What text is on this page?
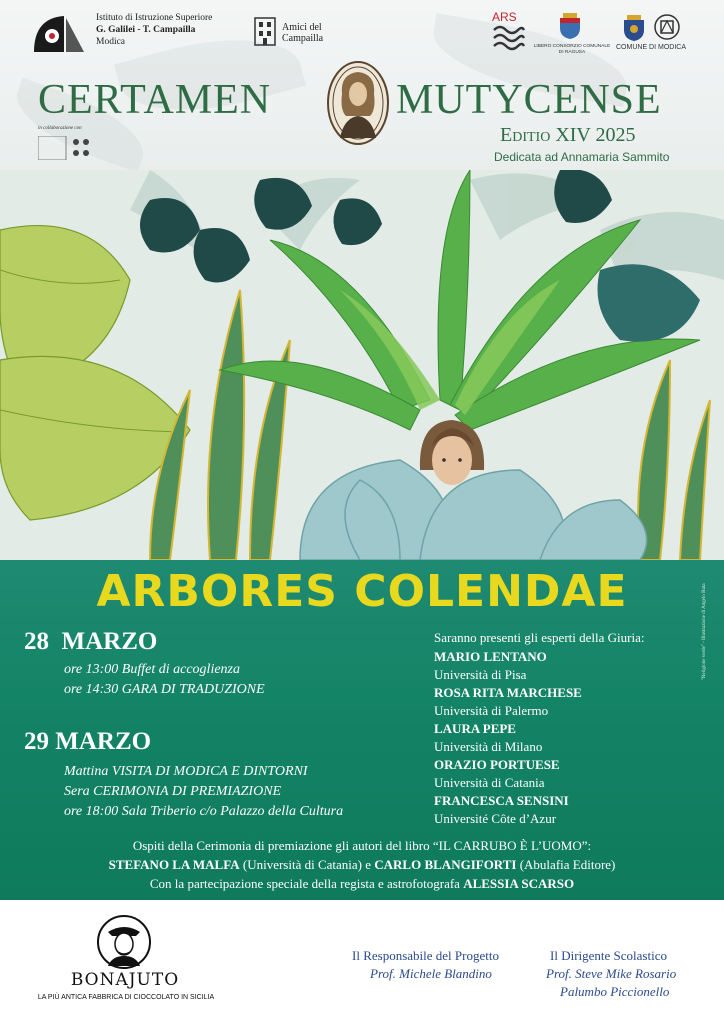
Istituto di Istruzione Superiore
G. Galilei - T. Campailla
Modica
Amici del
Campailla
ARS
LIBERO CONSORZIO COMUNALE
DI RAGUSA
COMUNE DI MODICA
CERTAMEN	MUTYCENSE
Editio XIV 2025
Dedicata ad Annamaria Sammito
in collaborazione con
ARBORES COLENDAE
28 MARZO
ore 13:00 Buffet di accoglienza
ore 14:30 GARA DI TRADUZIONE
29 MARZO
Mattina VISITA DI MODICA E DINTORNI
Sera CERIMONIA DI PREMIAZIONE
ore 18:00 Sala Triberio c/o Palazzo della Cultura
Saranno presenti gli esperti della Giuria:
MARIO LENTANO
Università di Pisa
ROSA RITA MARCHESE
Università di Palermo
LAURA PEPE
Università di Milano
ORAZIO PORTUESE
Università di Catania
FRANCESCA SENSINI
Université Côte d’Azur
"Religione verde" - Illustrazione di Angelo Ruta
Ospiti della Cerimonia di premiazione gli autori del libro “IL CARRUBO È L’UOMO”:
STEFANO LA MALFA (Università di Catania) e CARLO BLANGIFORTI (Abulafia Editore)
Con la partecipazione speciale della regista e astrofotografa ALESSIA SCARSO
BONAJUTO
LA PIÙ ANTICA FABBRICA DI CIOCCOLATO IN SICILIA
Il Responsabile del Progetto
Prof. Michele Blandino
Il Dirigente Scolastico
Prof. Steve Mike Rosario
Palumbo Piccionello
